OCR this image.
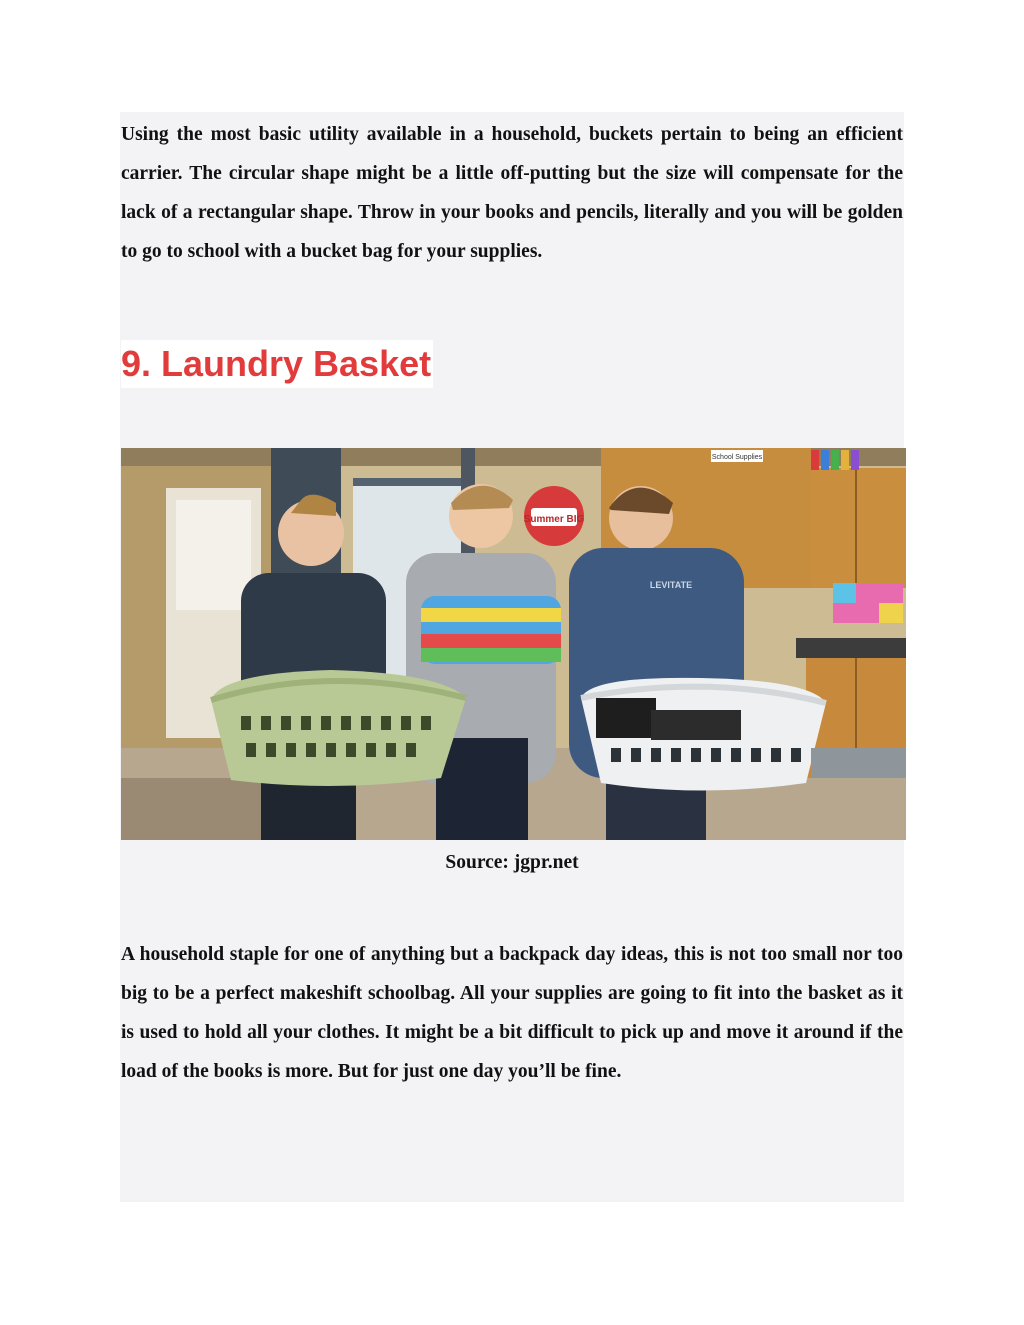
Using the most basic utility available in a household, buckets pertain to being an efficient carrier. The circular shape might be a little off-putting but the size will compensate for the lack of a rectangular shape. Throw in your books and pencils, literally and you will be golden to go to school with a bucket bag for your supplies.

9. Laundry Basket
Summer BIG
LEVITATE
School Supplies
Source: jgpr.net

A household staple for one of anything but a backpack day ideas, this is not too small nor too big to be a perfect makeshift schoolbag. All your supplies are going to fit into the basket as it is used to hold all your clothes. It might be a bit difficult to pick up and move it around if the load of the books is more. But for just one day you’ll be fine.
